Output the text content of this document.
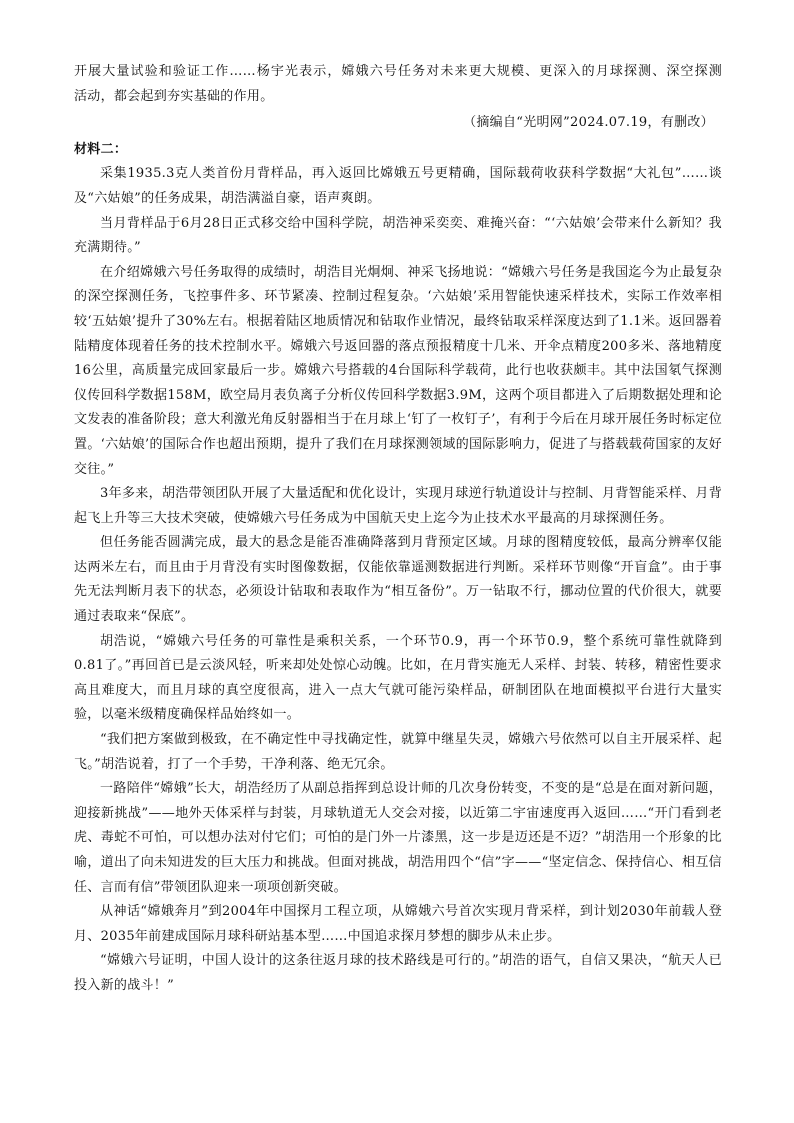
开展大量试验和验证工作……杨宇光表示，嫦娥六号任务对未来更大规模、更深入的月球探测、深空探测
活动，都会起到夯实基础的作用。
（摘编自“光明网”2024.07.19，有删改）
材料二：

采集1935.3克人类首份月背样品，再入返回比嫦娥五号更精确，国际载荷收获科学数据“大礼包”……谈及“六姑娘”的任务成果，胡浩满溢自豪，语声爽朗。

当月背样品于6月28日正式移交给中国科学院，胡浩神采奕奕、难掩兴奋：“‘六姑娘’会带来什么新知？我充满期待。”

在介绍嫦娥六号任务取得的成绩时，胡浩目光炯炯、神采飞扬地说：“嫦娥六号任务是我国迄今为止最复杂的深空探测任务，飞控事件多、环节紧凑、控制过程复杂。‘六姑娘’采用智能快速采样技术，实际工作效率相较‘五姑娘’提升了30%左右。根据着陆区地质情况和钻取作业情况，最终钻取采样深度达到了1.1米。返回器着陆精度体现着任务的技术控制水平。嫦娥六号返回器的落点预报精度十几米、开伞点精度200多米、落地精度16公里，高质量完成回家最后一步。嫦娥六号搭载的4台国际科学载荷，此行也收获颇丰。其中法国氡气探测仪传回科学数据158M，欧空局月表负离子分析仪传回科学数据3.9M，这两个项目都进入了后期数据处理和论文发表的准备阶段；意大利激光角反射器相当于在月球上‘钉了一枚钉子’，有利于今后在月球开展任务时标定位置。‘六姑娘’的国际合作也超出预期，提升了我们在月球探测领域的国际影响力，促进了与搭载载荷国家的友好交往。”

3年多来，胡浩带领团队开展了大量适配和优化设计，实现月球逆行轨道设计与控制、月背智能采样、月背起飞上升等三大技术突破，使嫦娥六号任务成为中国航天史上迄今为止技术水平最高的月球探测任务。

但任务能否圆满完成，最大的悬念是能否准确降落到月背预定区域。月球的图精度较低，最高分辨率仅能达两米左右，而且由于月背没有实时图像数据，仅能依靠遥测数据进行判断。采样环节则像“开盲盒”。由于事先无法判断月表下的状态，必须设计钻取和表取作为“相互备份”。万一钻取不行，挪动位置的代价很大，就要通过表取来“保底”。

胡浩说，“嫦娥六号任务的可靠性是乘积关系，一个环节0.9，再一个环节0.9，整个系统可靠性就降到0.81了。”再回首已是云淡风轻，听来却处处惊心动魄。比如，在月背实施无人采样、封装、转移，精密性要求高且难度大，而且月球的真空度很高，进入一点大气就可能污染样品，研制团队在地面模拟平台进行大量实验，以毫米级精度确保样品始终如一。

“我们把方案做到极致，在不确定性中寻找确定性，就算中继星失灵，嫦娥六号依然可以自主开展采样、起飞。”胡浩说着，打了一个手势，干净利落、绝无冗余。

一路陪伴“嫦娥”长大，胡浩经历了从副总指挥到总设计师的几次身份转变，不变的是“总是在面对新问题，迎接新挑战”——地外天体采样与封装，月球轨道无人交会对接，以近第二宇宙速度再入返回……“开门看到老虎、毒蛇不可怕，可以想办法对付它们；可怕的是门外一片漆黑，这一步是迈还是不迈？”胡浩用一个形象的比喻，道出了向未知进发的巨大压力和挑战。但面对挑战，胡浩用四个“信”字——“坚定信念、保持信心、相互信任、言而有信”带领团队迎来一项项创新突破。

从神话“嫦娥奔月”到2004年中国探月工程立项，从嫦娥六号首次实现月背采样，到计划2030年前载人登月、2035年前建成国际月球科研站基本型……中国追求探月梦想的脚步从未止步。

“嫦娥六号证明，中国人设计的这条往返月球的技术路线是可行的。”胡浩的语气，自信又果决，“航天人已投入新的战斗！”
